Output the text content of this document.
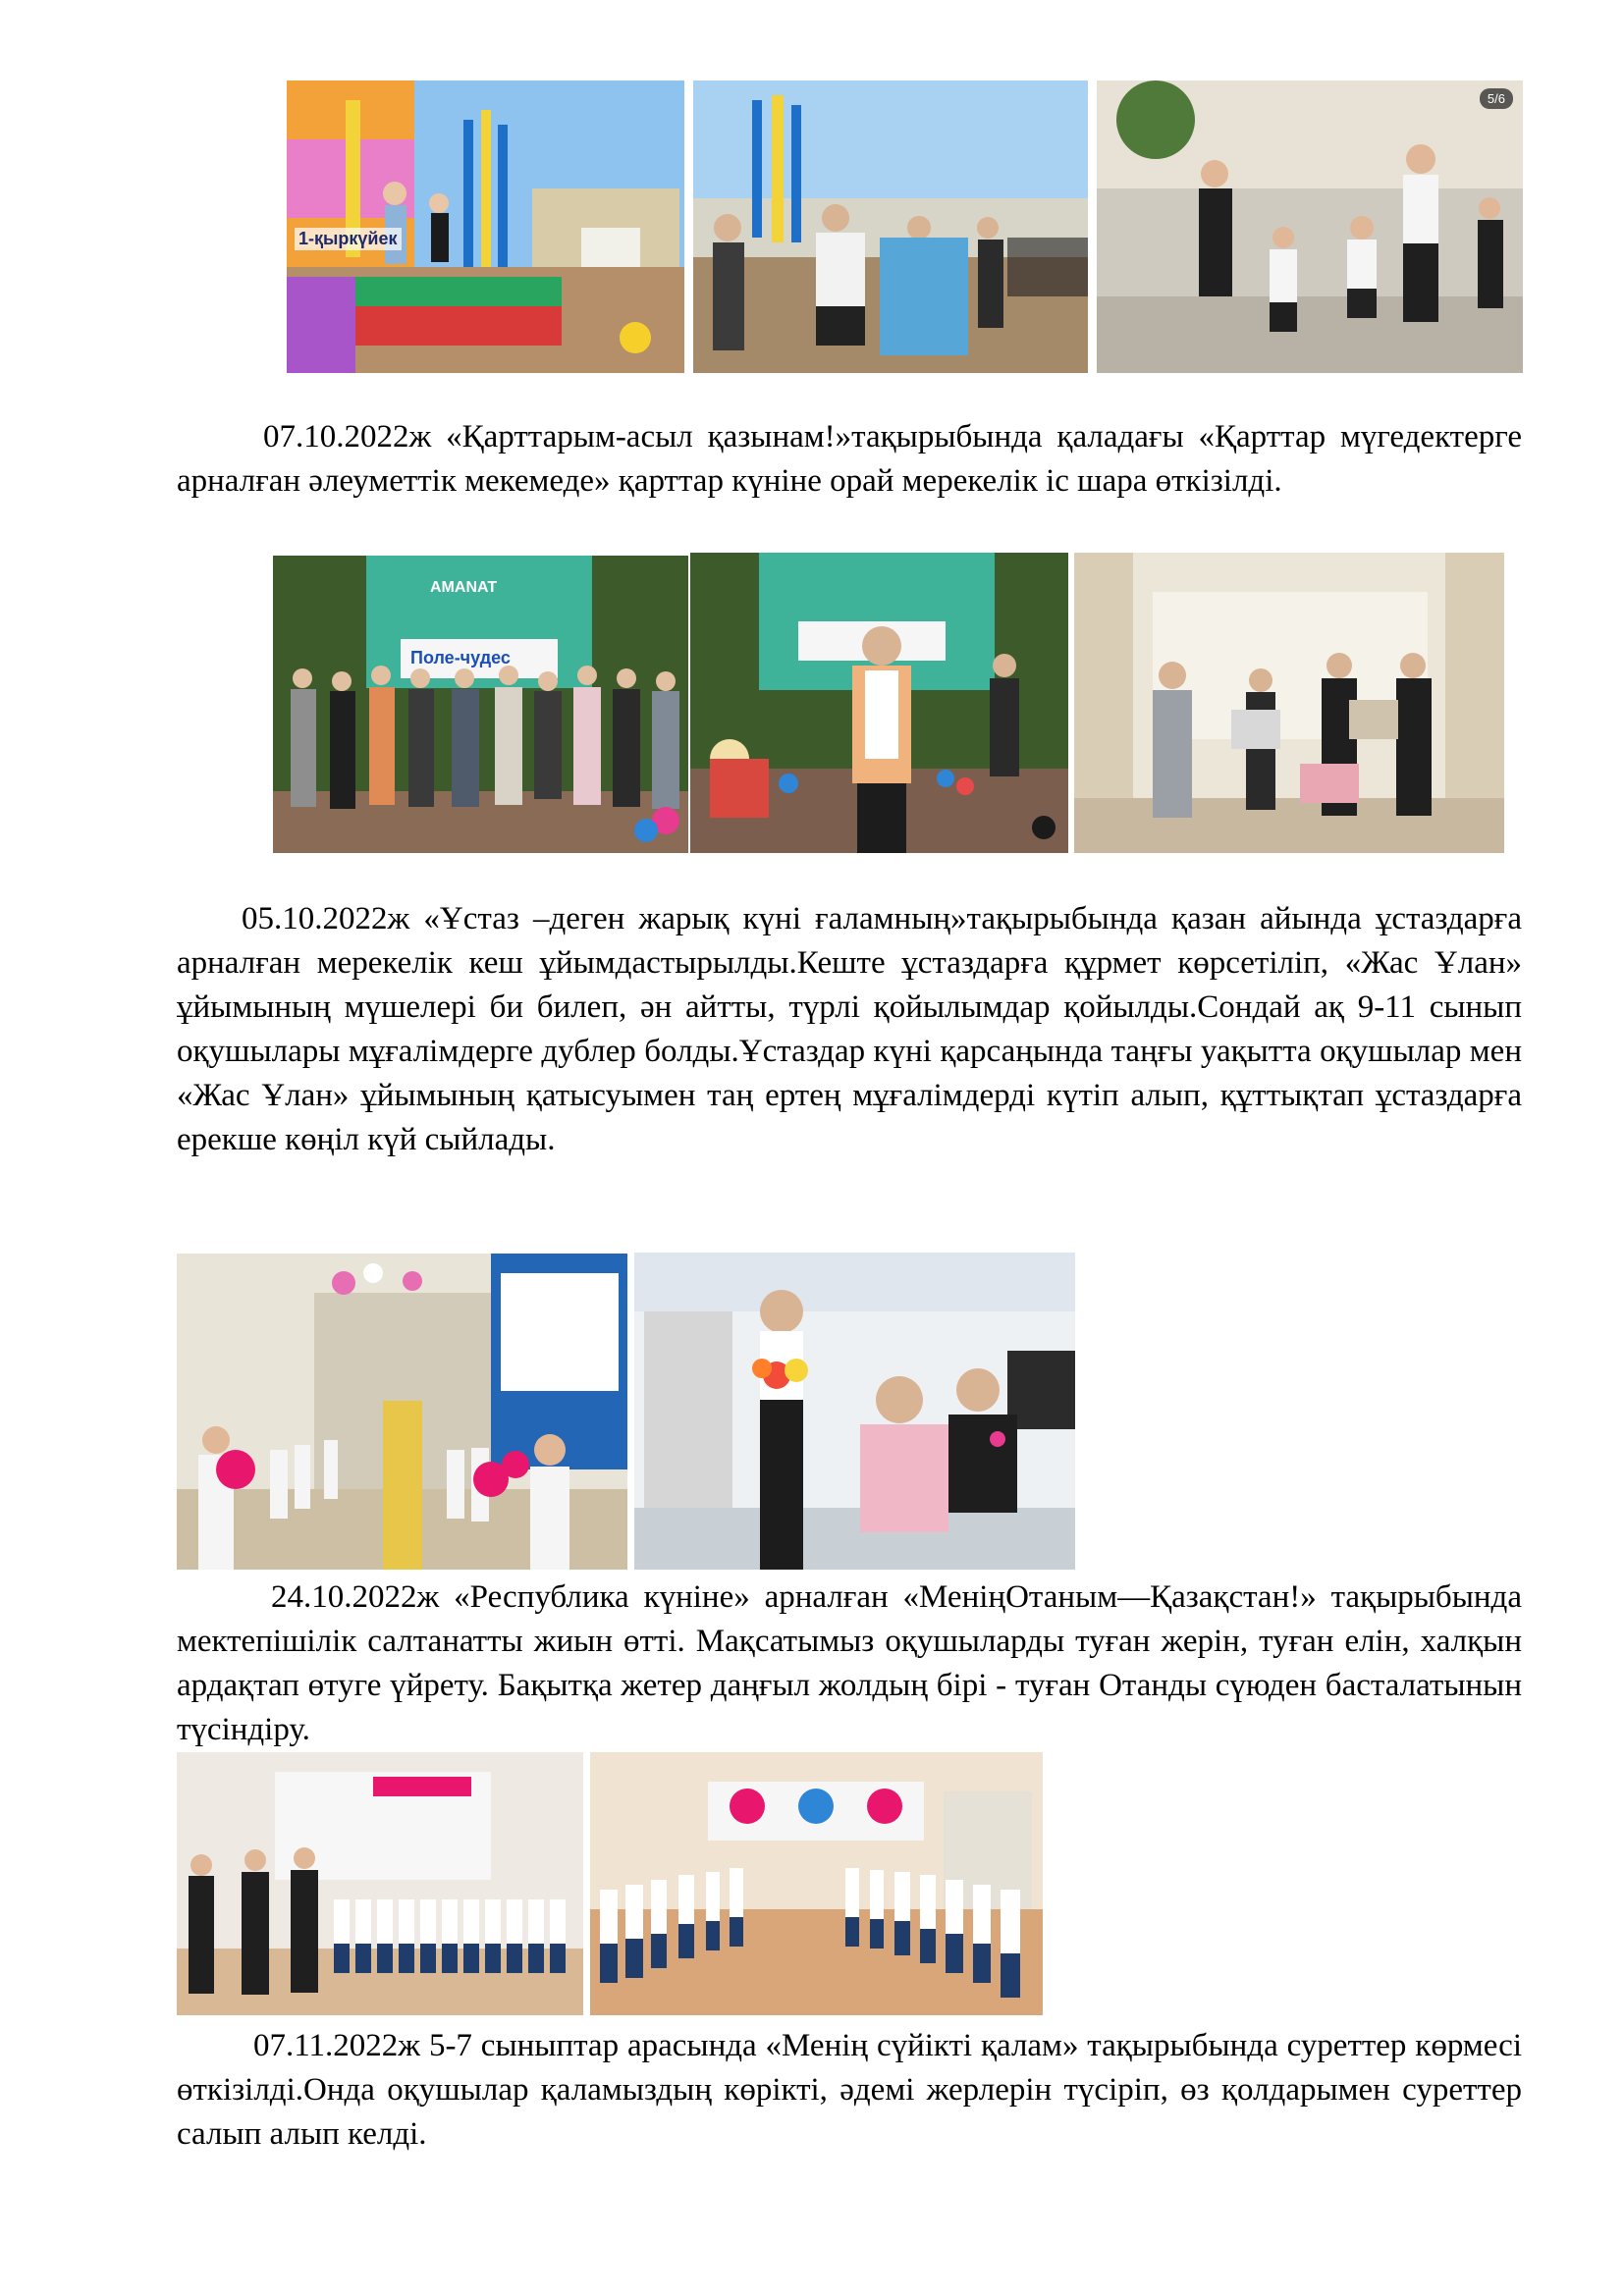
1-қыркүйек
5/6

07.10.2022ж «Қарттарым-асыл қазынам!»тақырыбында қаладағы «Қарттар мүгедектерге арналған әлеуметтік мекемеде» қарттар күніне орай мерекелік іс шара өткізілді.

AMANAT
Поле-чудес

05.10.2022ж «Ұстаз –деген жарық күні ғаламның»тақырыбында қазан айында ұстаздарға арналған мерекелік кеш ұйымдастырылды.Кеште ұстаздарға құрмет көрсетіліп, «Жас Ұлан» ұйымының мүшелері би билеп, ән айтты, түрлі қойылымдар қойылды.Сондай ақ 9-11 сынып оқушылары мұғалімдерге дублер болды.Ұстаздар күні қарсаңында таңғы уақытта оқушылар мен «Жас Ұлан» ұйымының қатысуымен таң ертең мұғалімдерді күтіп алып, құттықтап ұстаздарға ерекше көңіл күй сыйлады.

24.10.2022ж «Республика күніне» арналған «МеніңОтаным—Қазақстан!» тақырыбында мектепішілік салтанатты жиын өтті. Мақсатымыз оқушыларды туған жерін, туған елін, халқын ардақтап өтуге үйрету. Бақытқа жетер даңғыл жолдың бірі - туған Отанды сүюден басталатынын түсіндіру.

07.11.2022ж 5-7 сыныптар арасында «Менің сүйікті қалам» тақырыбында суреттер көрмесі өткізілді.Онда оқушылар қаламыздың көрікті, әдемі жерлерін түсіріп, өз қолдарымен суреттер салып алып келді.
